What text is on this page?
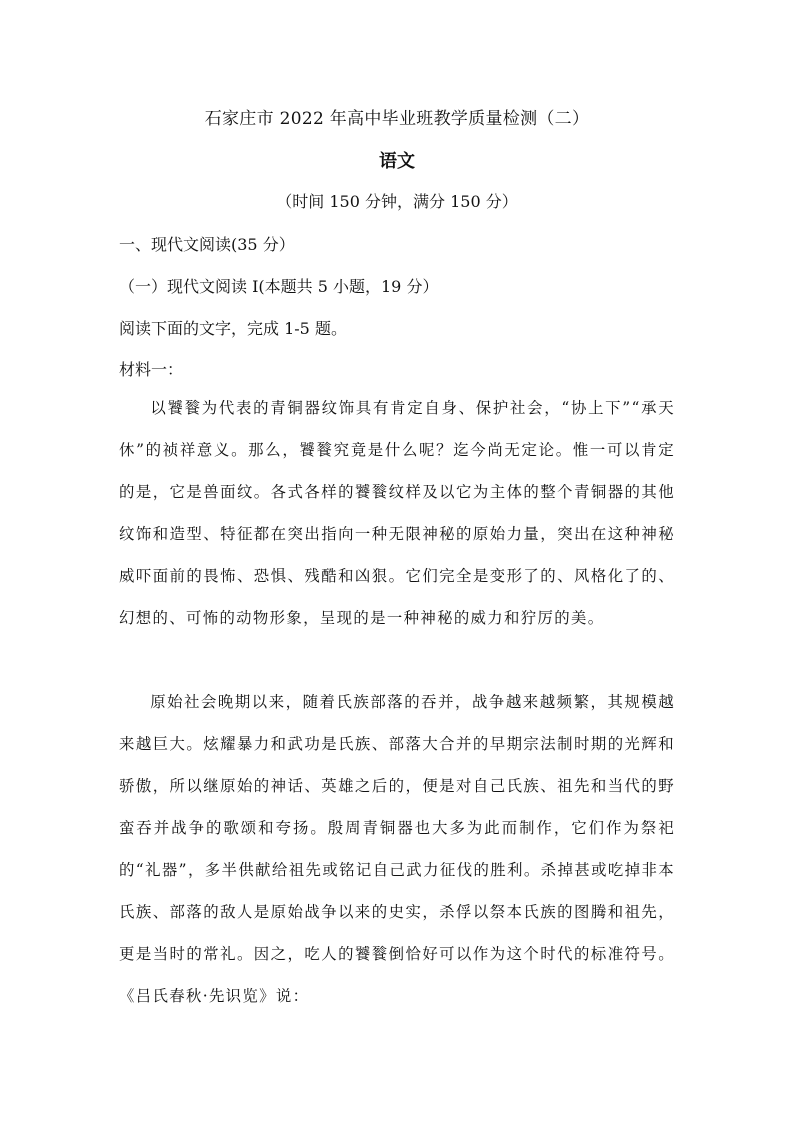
石家庄市 2022 年高中毕业班教学质量检测（二）
语文
（时间 150 分钟，满分 150 分）
一、现代文阅读(35 分）
（一）现代文阅读 I(本题共 5 小题，19 分）
阅读下面的文字，完成 1-5 题。
材料一：

以饕餮为代表的青铜器纹饰具有肯定自身、保护社会，“协上下”“承天休”的祯祥意义。那么，饕餮究竟是什么呢？迄今尚无定论。惟一可以肯定的是，它是兽面纹。各式各样的饕餮纹样及以它为主体的整个青铜器的其他纹饰和造型、特征都在突出指向一种无限神秘的原始力量，突出在这种神秘威吓面前的畏怖、恐惧、残酷和凶狠。它们完全是变形了的、风格化了的、幻想的、可怖的动物形象，呈现的是一种神秘的威力和狞厉的美。

原始社会晚期以来，随着氏族部落的吞并，战争越来越频繁，其规模越来越巨大。炫耀暴力和武功是氏族、部落大合并的早期宗法制时期的光辉和骄傲，所以继原始的神话、英雄之后的，便是对自己氏族、祖先和当代的野蛮吞并战争的歌颂和夸扬。殷周青铜器也大多为此而制作，它们作为祭祀的“礼器”，多半供献给祖先或铭记自己武力征伐的胜利。杀掉甚或吃掉非本氏族、部落的敌人是原始战争以来的史实，杀俘以祭本氏族的图腾和祖先，更是当时的常礼。因之，吃人的饕餮倒恰好可以作为这个时代的标准符号。《吕氏春秋·先识览》说：
